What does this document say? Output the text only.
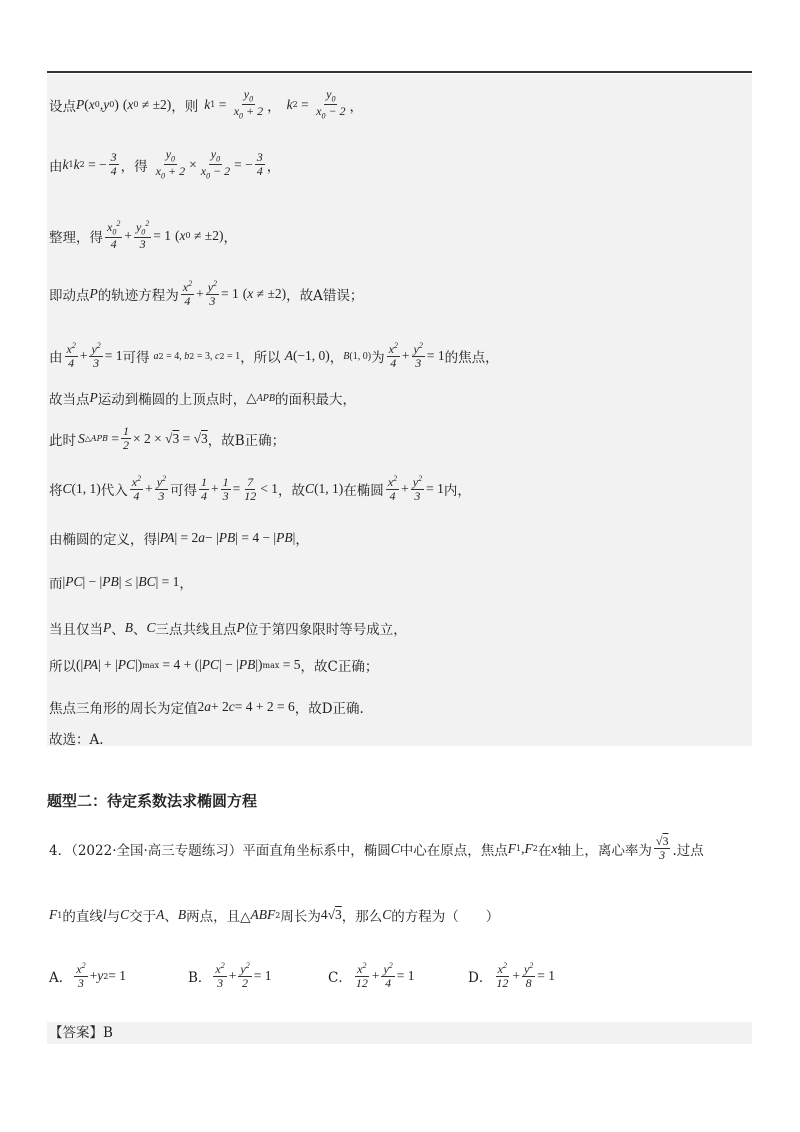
设点 P ( x 0 , y 0 ) ( x 0 ≠ ±2) ，则 k $1 = \frac{y_0}{x_0 + 2}$ ， k $2 = \frac{y_0}{x_0 - 2}$ ，
由 k 1 k 2 = − $\frac{3}{4}$ ，得 $\frac{y_0}{x_0 + 2} \times \frac{y_0}{x_0 - 2}$ = − $\frac{3}{4}$ ，
整理，得 $\frac{x_0^2}{4} + \frac{y_0^2}{3} = 1$ ( x 0 ≠ ±2) ，
即动点 P 的轨迹方程为 $\frac{x^2}{4} + \frac{y^2}{3} = 1$ ( x ≠ ±2) ，故A错误；
由 $\frac{x^2}{4} + \frac{y^2}{3} = 1$ 可得 a 2 = 4, b 2 = 3, c 2 = 1 ，所以 A (−1, 0) ， B (1, 0) 为 $\frac{x^2}{4} + \frac{y^2}{3} = 1$ 的焦点，
故当点 P 运动到椭圆的上顶点时， △ APB 的面积最大，
此时 S △APB = $\frac{1}{2} \times 2 \times √3 = √3$ ，故B正确；
将 C (1, 1) 代入 $\frac{x^2}{4} + \frac{y^2}{3}$ 可得 $\frac{1}{4} + \frac{1}{3} = \frac{7}{12} < 1$ ，故 C (1, 1) 在椭圆 $\frac{x^2}{4} + \frac{y^2}{3} = 1$ 内，
由椭圆的定义，得 | PA | = 2 a − | PB | = 4 − | PB | ，
而 | PC | − | PB | ≤ | BC | = 1 ，
当且仅当 P 、 B 、 C 三点共线且点 P 位于第四象限时等号成立，
所以 (| PA | + | PC |) max = 4 + (| PC | − | PB |) max = 5 ，故C正确；
焦点三角形的周长为定值 2 a + 2 c = 4 + 2 = 6 ，故D正确.
故选：A.
题型二：待定系数法求椭圆方程
4．（2022·全国·高三专题练习）平面直角坐标系中，椭圆 C 中心在原点，焦点 F 1 , F 2 在 x 轴上，离心率为 $\frac{√3}{3}$ .过点
F 1 的直线 l 与 C 交于 A 、 B 两点，且△ ABF 2 周长为 4√3 ，那么 C 的方程为（　　）
A． $\frac{x^2}{3} + y$ 2 = 1	B． $\frac{x^2}{3} + \frac{y^2}{2} = 1$	C． $\frac{x^2}{12} + \frac{y^2}{4} = 1$	D． $\frac{x^2}{12} + \frac{y^2}{8} = 1$
【答案】B
